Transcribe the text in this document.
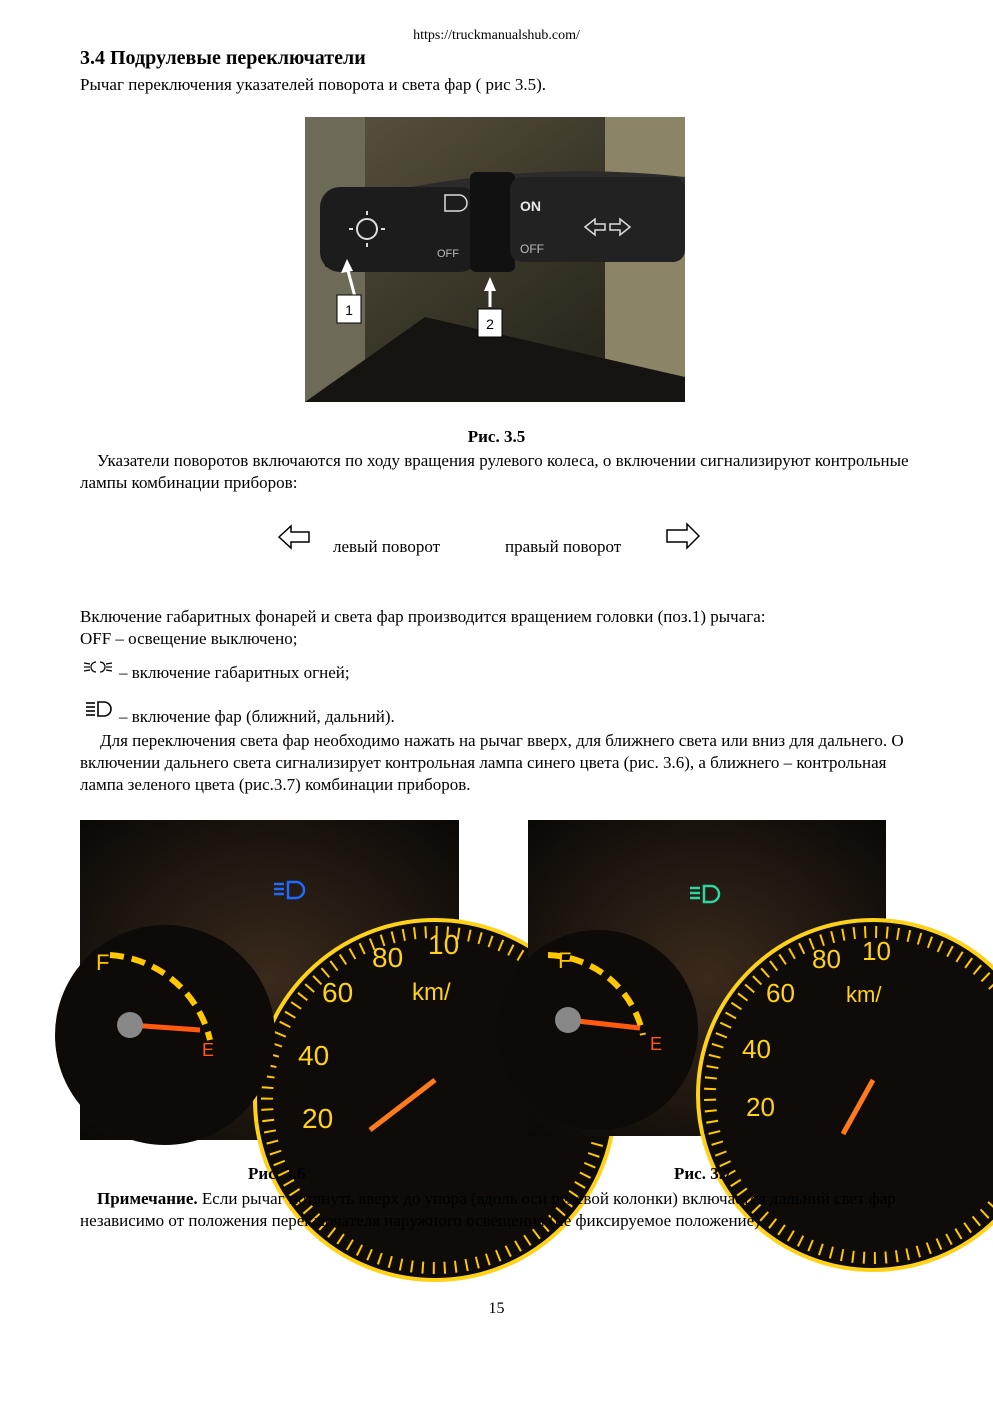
https://truckmanualshub.com/
3.4 Подрулевые переключатели
Рычаг переключения указателей поворота и света фар ( рис 3.5).
ON
OFF
OFF
1
2
Рис. 3.5
Указатели поворотов включаются по ходу вращения рулевого колеса, о включении сигнализируют контрольные лампы комбинации приборов:
левый поворот	правый поворот
Включение габаритных фонарей и света фар производится вращением головки (поз.1) рычага:
OFF – освещение выключено;
– включение габаритных огней;
– включение фар (ближний, дальний).
Для переключения света фар необходимо нажать на рычаг вверх, для ближнего света или вниз для дальнего. О включении дальнего света сигнализирует контрольная лампа синего цвета (рис. 3.6), а ближнего – контрольная лампа зеленого цвета (рис.3.7) комбинации приборов.
80 10
60 km/
40
20
F
E
80 10
60 km/
40
20
F
E
Рис. 3.6	Рис. 3.7
Примечание. Если рычаг потянуть вверх до упора (вдоль оси рулевой колонки) включается дальний свет фар независимо от положения переключателя наружного освещения (не фиксируемое положение).
15
